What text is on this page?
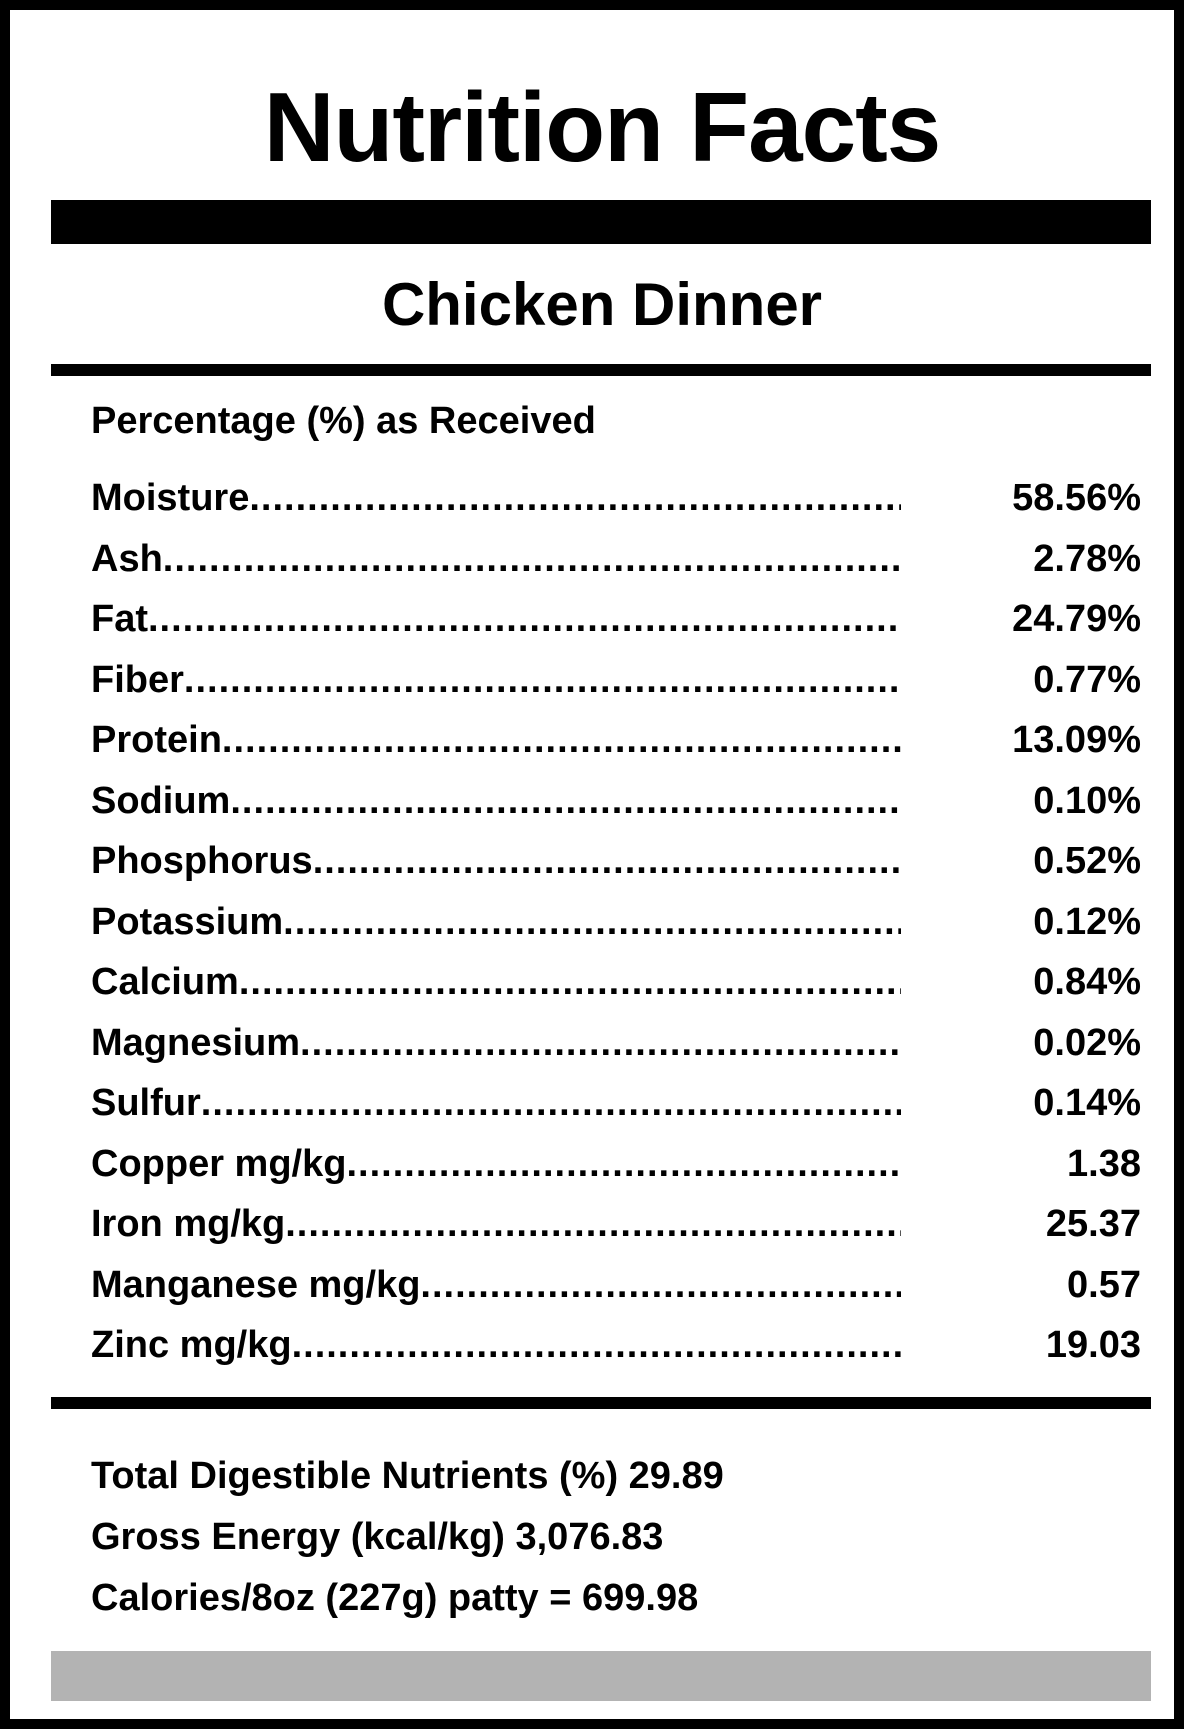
Nutrition Facts
Chicken Dinner
Percentage (%) as Received
Moisture .....	58.56%
Ash .....	2.78%
Fat .....	24.79%
Fiber .....	0.77%
Protein .....	13.09%
Sodium .....	0.10%
Phosphorus .....	0.52%
Potassium .....	0.12%
Calcium .....	0.84%
Magnesium .....	0.02%
Sulfur .....	0.14%
Copper mg/kg .....	1.38
Iron mg/kg .....	25.37
Manganese mg/kg .....	0.57
Zinc mg/kg .....	19.03
Total Digestible Nutrients (%) 29.89
Gross Energy (kcal/kg) 3,076.83
Calories/8oz (227g) patty = 699.98
